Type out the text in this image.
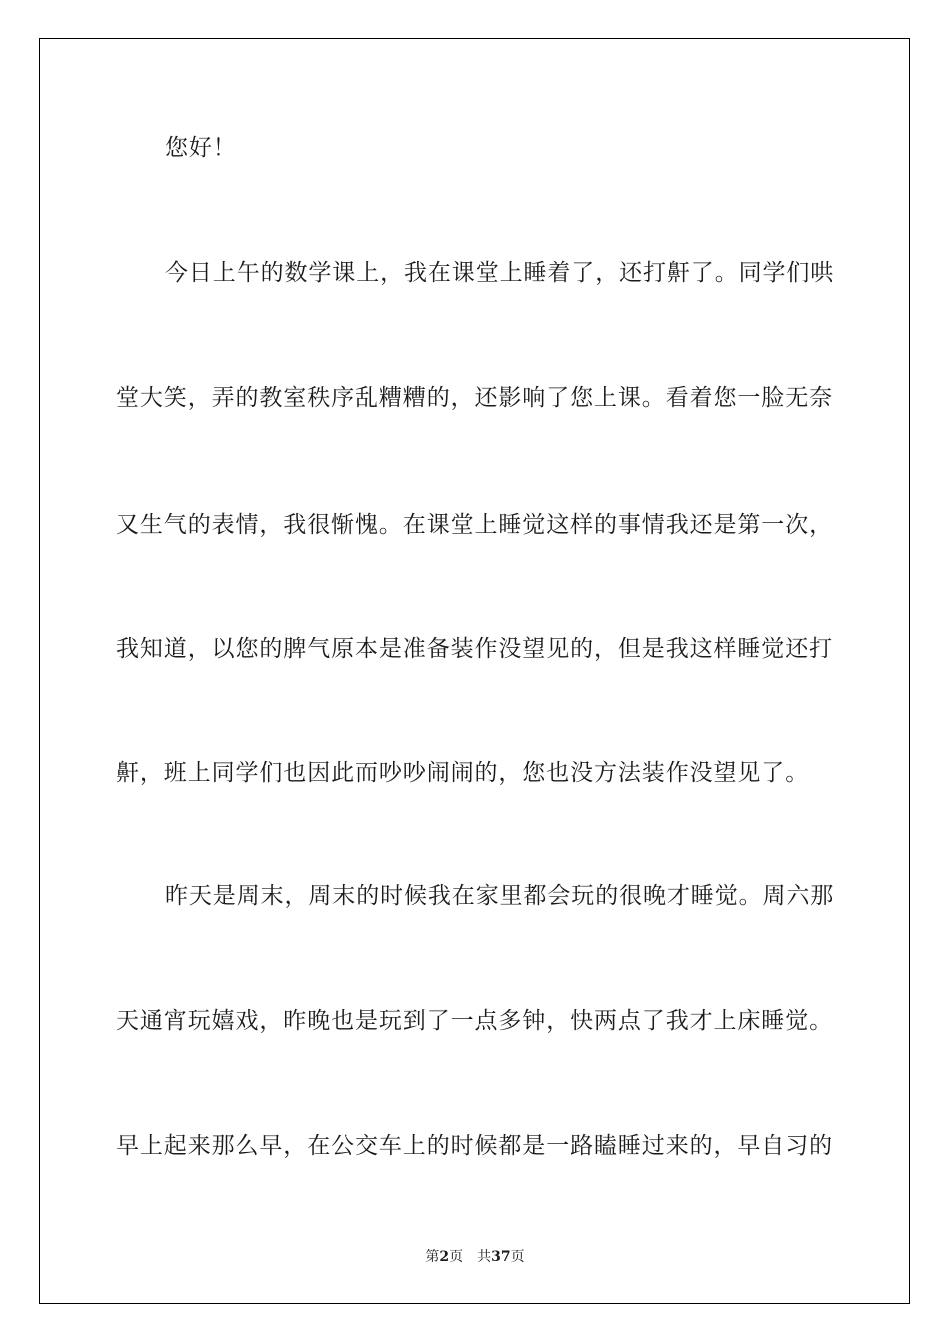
您好！

今日上午的数学课上，我在课堂上睡着了，还打鼾了。同学们哄

堂大笑，弄的教室秩序乱糟糟的，还影响了您上课。看着您一脸无奈

又生气的表情，我很惭愧。在课堂上睡觉这样的事情我还是第一次，

我知道，以您的脾气原本是准备装作没望见的，但是我这样睡觉还打

鼾，班上同学们也因此而吵吵闹闹的，您也没方法装作没望见了。

昨天是周末，周末的时候我在家里都会玩的很晚才睡觉。周六那

天通宵玩嬉戏，昨晚也是玩到了一点多钟，快两点了我才上床睡觉。

早上起来那么早，在公交车上的时候都是一路瞌睡过来的，早自习的

第2页 共37页
